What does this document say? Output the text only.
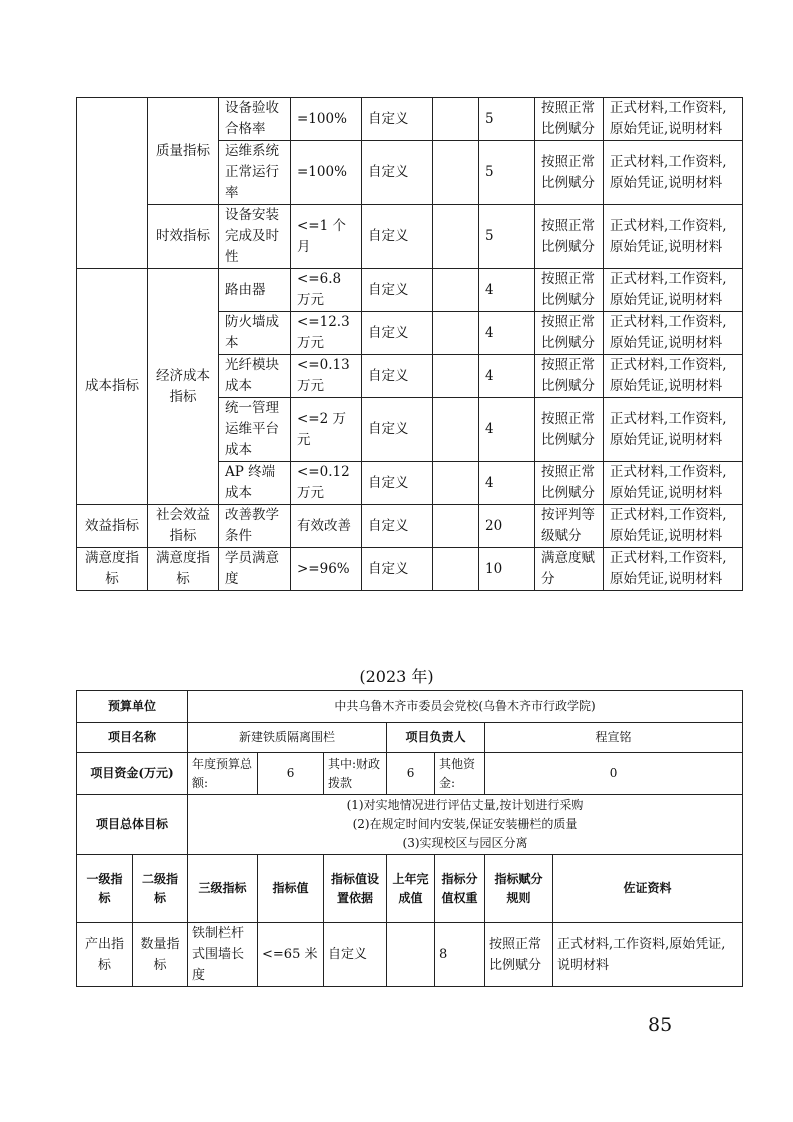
	质量指标	设备验收合格率	=100%	自定义		5	按照正常比例赋分	正式材料,工作资料,原始凭证,说明材料
		运维系统正常运行率	=100%	自定义		5	按照正常比例赋分	正式材料,工作资料,原始凭证,说明材料
	时效指标	设备安装完成及时性	<=1 个月	自定义		5	按照正常比例赋分	正式材料,工作资料,原始凭证,说明材料
成本指标	经济成本指标	路由器	<=6.8 万元	自定义		4	按照正常比例赋分	正式材料,工作资料,原始凭证,说明材料
		防火墙成本	<=12.3 万元	自定义		4	按照正常比例赋分	正式材料,工作资料,原始凭证,说明材料
		光纤模块成本	<=0.13 万元	自定义		4	按照正常比例赋分	正式材料,工作资料,原始凭证,说明材料
		统一管理运维平台成本	<=2 万元	自定义		4	按照正常比例赋分	正式材料,工作资料,原始凭证,说明材料
		AP 终端成本	<=0.12 万元	自定义		4	按照正常比例赋分	正式材料,工作资料,原始凭证,说明材料
效益指标	社会效益指标	改善教学条件	有效改善	自定义		20	按评判等级赋分	正式材料,工作资料,原始凭证,说明材料
满意度指标	满意度指标	学员满意度	>=96%	自定义		10	满意度赋分	正式材料,工作资料,原始凭证,说明材料
(2023 年)
预算单位		中共乌鲁木齐市委员会党校(乌鲁木齐市行政学院)						
项目名称		新建铁质隔离围栏			项目负责人		程宣铭	
项目资金(万元)		年度预算总额:	6	其中:财政拨款	6	其他资金:	0	
项目总体目标		(1)对实地情况进行评估丈量,按计划进行采购
(2)在规定时间内安装,保证安装栅栏的质量
(3)实现校区与园区分离						

一级指标	二级指标	三级指标	指标值	指标值设置依据	上年完成值	指标分值权重	指标赋分规则	佐证资料
产出指标	数量指标	铁制栏杆式围墙长度	<=65 米	自定义		8	按照正常比例赋分	正式材料,工作资料,原始凭证,说明材料
85
